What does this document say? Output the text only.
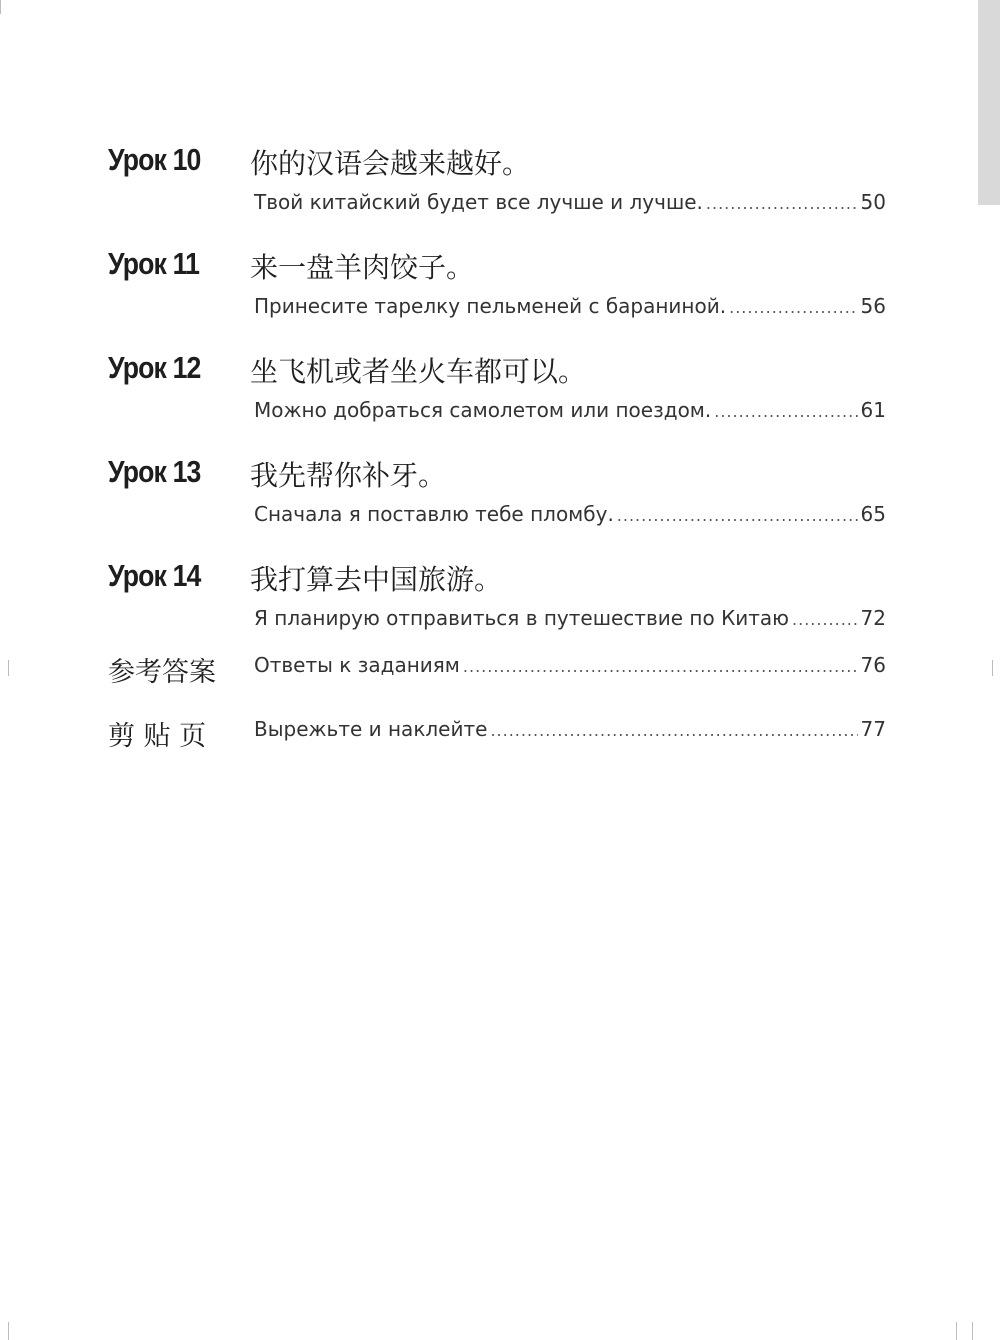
Урок 10 你的汉语会越来越好。
Твой китайский будет все лучше и лучше. .....	50
Урок 11 来一盘羊肉饺子。
Принесите тарелку пельменей с бараниной. .....	56
Урок 12 坐飞机或者坐火车都可以。
Можно добраться самолетом или поездом. .....	61
Урок 13 我先帮你补牙。
Сначала я поставлю тебе пломбу. .....	65
Урок 14 我打算去中国旅游。
Я планирую отправиться в путешествие по Китаю .....	72
参考答案 Ответы к заданиям .....	76
剪 贴 页 Вырежьте и наклейте .....	77
